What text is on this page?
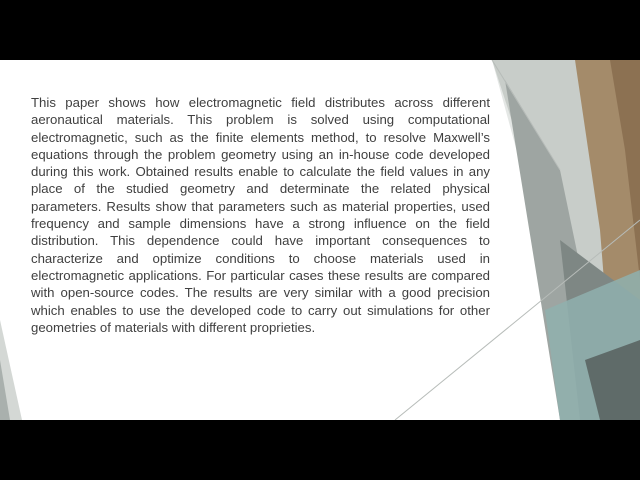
This paper shows how electromagnetic field distributes across different aeronautical materials. This problem is solved using computational electromagnetic, such as the finite elements method, to resolve Maxwell’s equations through the problem geometry using an in-house code developed during this work. Obtained results enable to calculate the field values in any place of the studied geometry and determinate the related physical parameters. Results show that parameters such as material properties, used frequency and sample dimensions have a strong influence on the field distribution. This dependence could have important consequences to characterize and optimize conditions to choose materials used in electromagnetic applications. For particular cases these results are compared with open-source codes. The results are very similar with a good precision which enables to use the developed code to carry out simulations for other geometries of materials with different proprieties.
